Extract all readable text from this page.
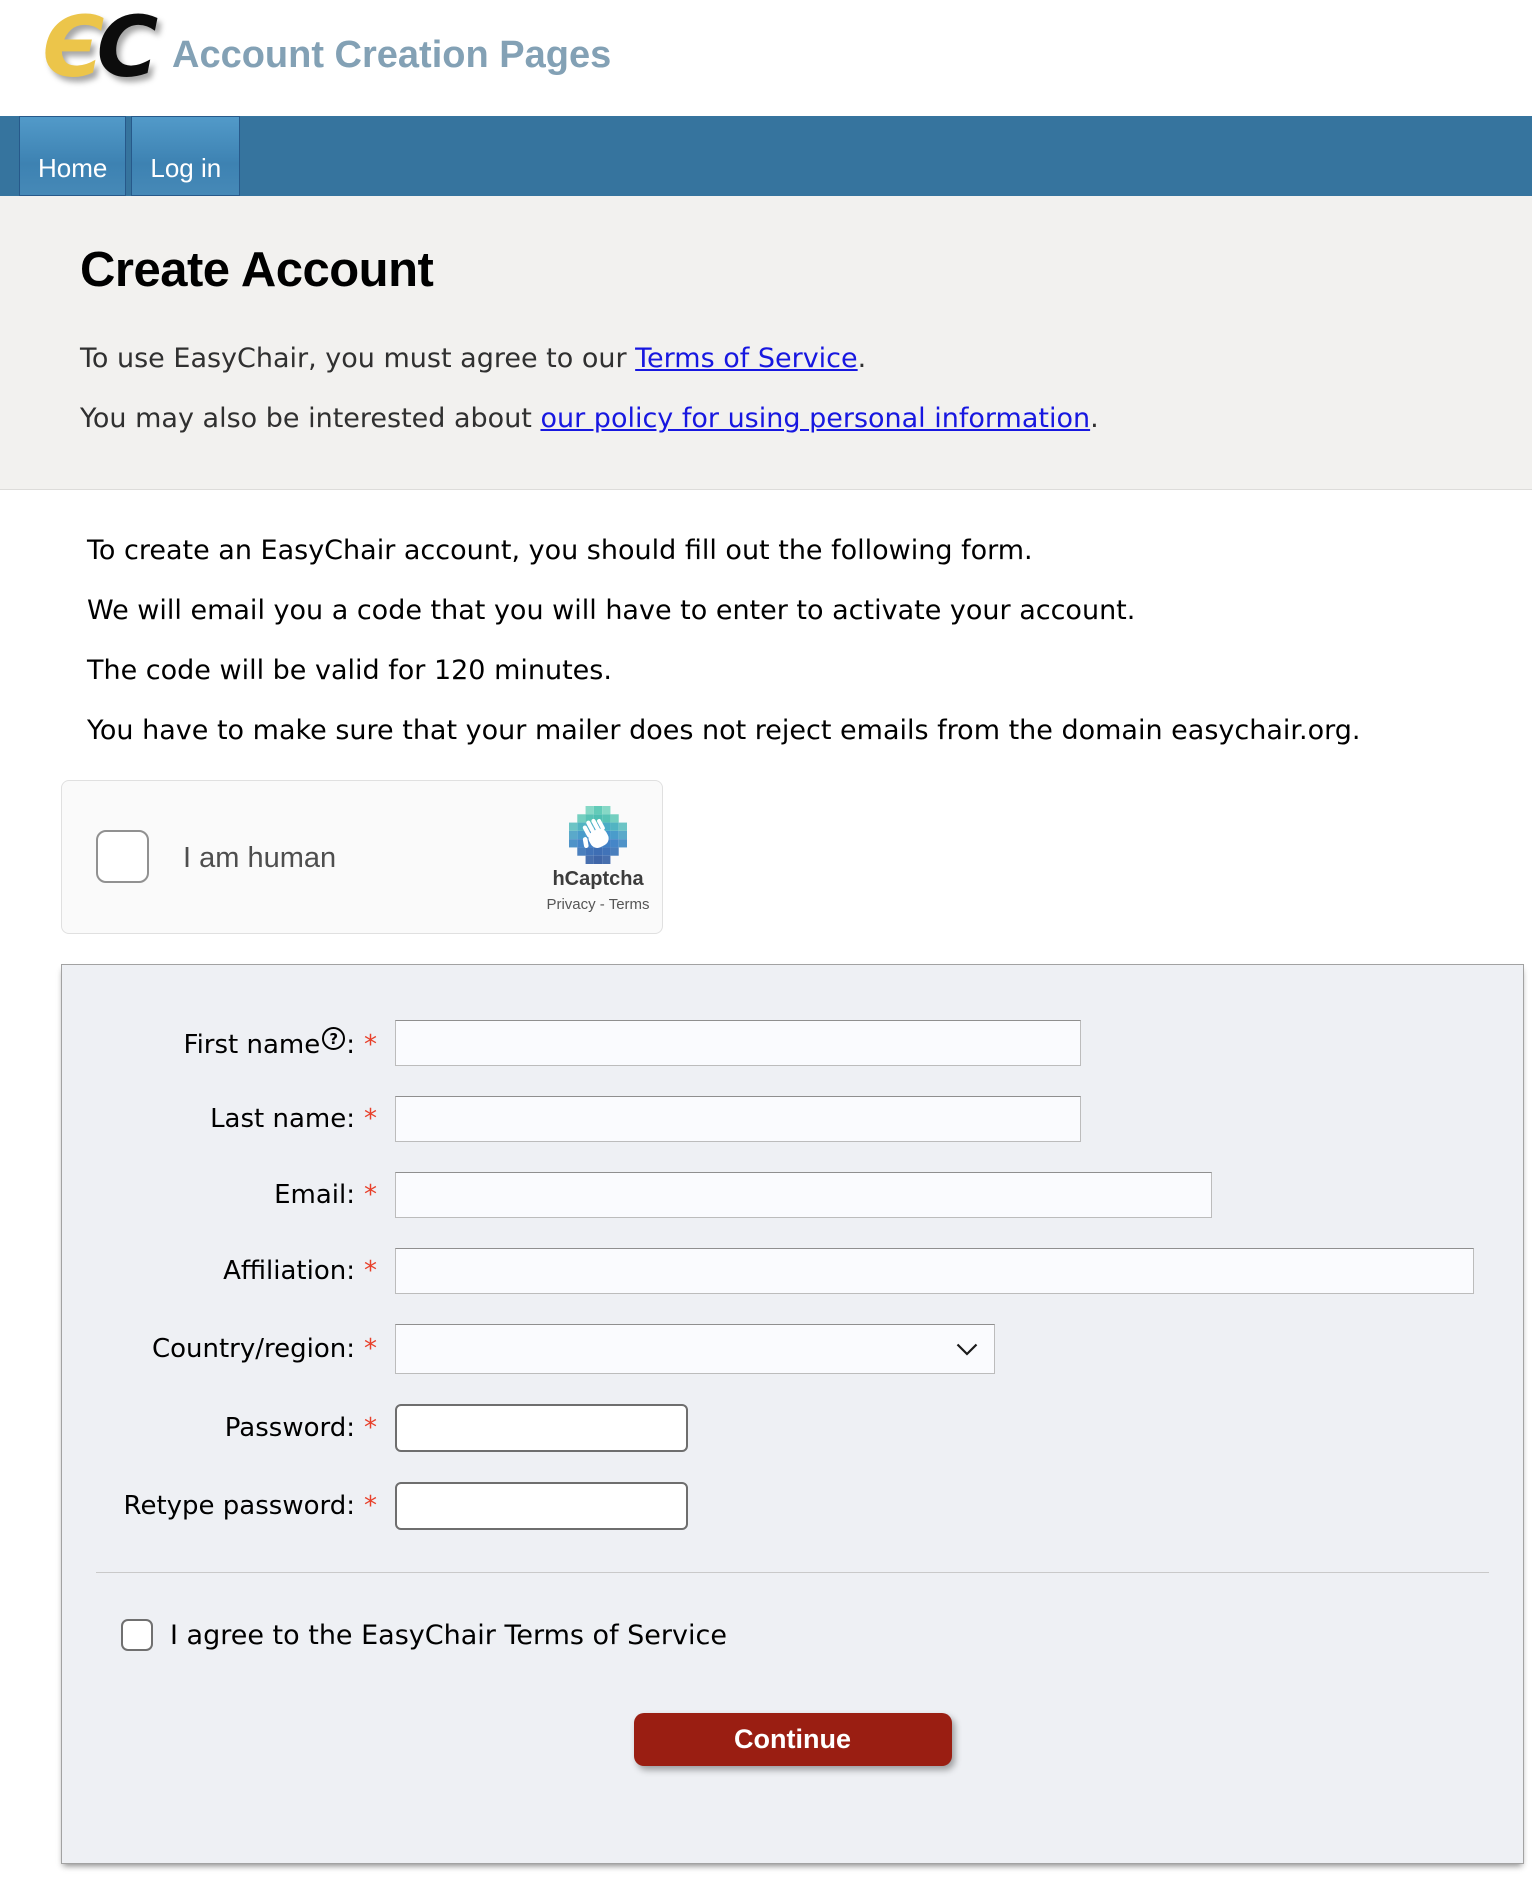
ЄC Account Creation Pages
Home Log in
Create Account

To use EasyChair, you must agree to our Terms of Service.

You may also be interested about our policy for using personal information.

To create an EasyChair account, you should fill out the following form.

We will email you a code that you will have to enter to activate your account.

The code will be valid for 120 minutes.

You have to make sure that your mailer does not reject emails from the domain easychair.org.

I am human
hCaptcha
Privacy - Terms
First name ? : *
Last name: *
Email: *
Affiliation: *
Country/region: *
Password: *
Retype password: *
I agree to the EasyChair Terms of Service
Continue
